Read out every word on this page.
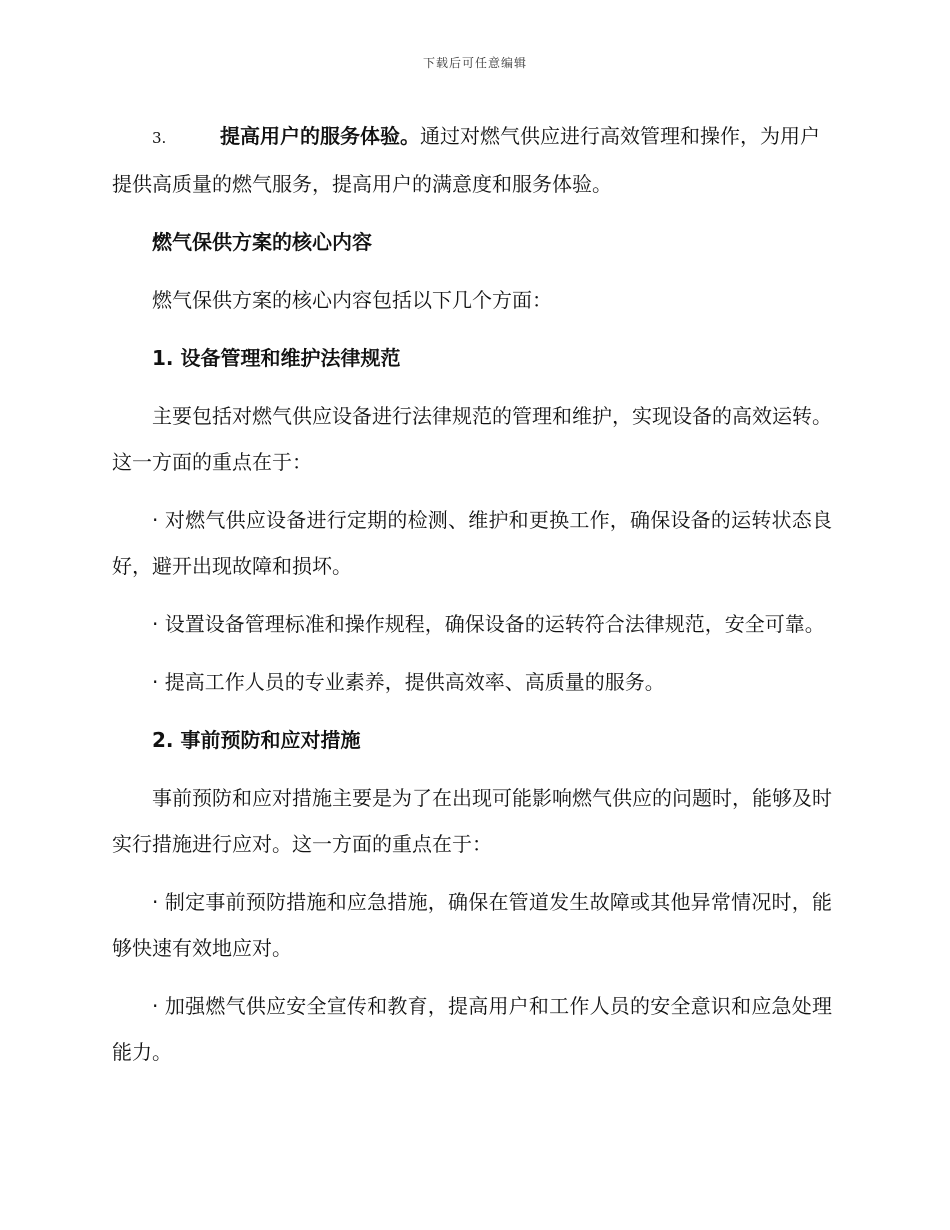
下载后可任意编辑
3.	提高用户的服务体验。通过对燃气供应进行高效管理和操作，为用户提供高质量的燃气服务，提高用户的满意度和服务体验。
燃气保供方案的核心内容
燃气保供方案的核心内容包括以下几个方面：
1. 设备管理和维护法律规范
主要包括对燃气供应设备进行法律规范的管理和维护，实现设备的高效运转。这一方面的重点在于：
· 对燃气供应设备进行定期的检测、维护和更换工作，确保设备的运转状态良好，避开出现故障和损坏。
· 设置设备管理标准和操作规程，确保设备的运转符合法律规范，安全可靠。
· 提高工作人员的专业素养，提供高效率、高质量的服务。
2. 事前预防和应对措施
事前预防和应对措施主要是为了在出现可能影响燃气供应的问题时，能够及时实行措施进行应对。这一方面的重点在于：
· 制定事前预防措施和应急措施，确保在管道发生故障或其他异常情况时，能够快速有效地应对。
· 加强燃气供应安全宣传和教育，提高用户和工作人员的安全意识和应急处理能力。
